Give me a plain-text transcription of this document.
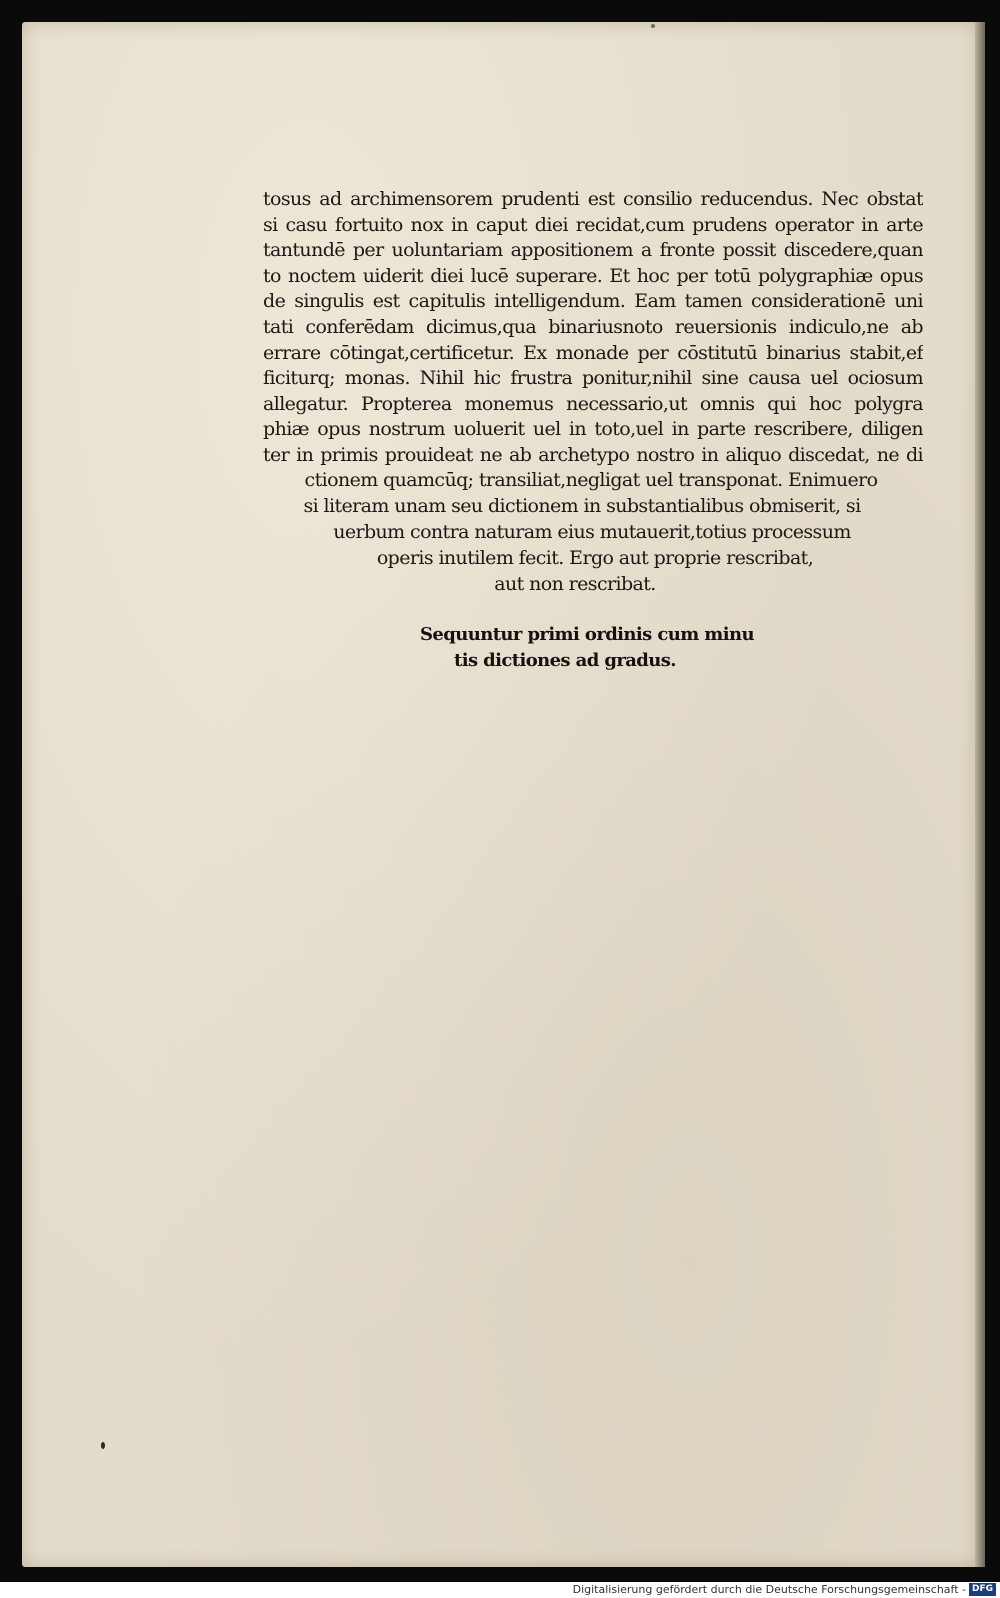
tosus ad archimensorem prudenti est consilio reducendus. Nec obstat
si casu fortuito nox in caput diei recidat,cum prudens operator in arte
tantundē per uoluntariam appositionem a fronte possit discedere,quan
to noctem uiderit diei lucē superare. Et hoc per totū polygraphiæ opus
de singulis est capitulis intelligendum. Eam tamen considerationē uni
tati conferēdam dicimus,qua binariusnoto reuersionis indiculo,ne ab
errare cōtingat,certificetur. Ex monade per cōstitutū binarius stabit,ef
ficiturq; monas. Nihil hic frustra ponitur,nihil sine causa uel ociosum
allegatur. Propterea monemus necessario,ut omnis qui hoc polygra
phiæ opus nostrum uoluerit uel in toto,uel in parte rescribere, diligen
ter in primis prouideat ne ab archetypo nostro in aliquo discedat, ne di
ctionem quamcūq; transiliat,negligat uel transponat. Enimuero
si literam unam seu dictionem in substantialibus obmiserit, si
uerbum contra naturam eius mutauerit,totius processum
operis inutilem fecit. Ergo aut proprie rescribat,
aut non rescribat.
Sequuntur primi ordinis cum minu
tis dictiones ad gradus.
Digitalisierung gefördert durch die Deutsche Forschungsgemeinschaft - DFG
